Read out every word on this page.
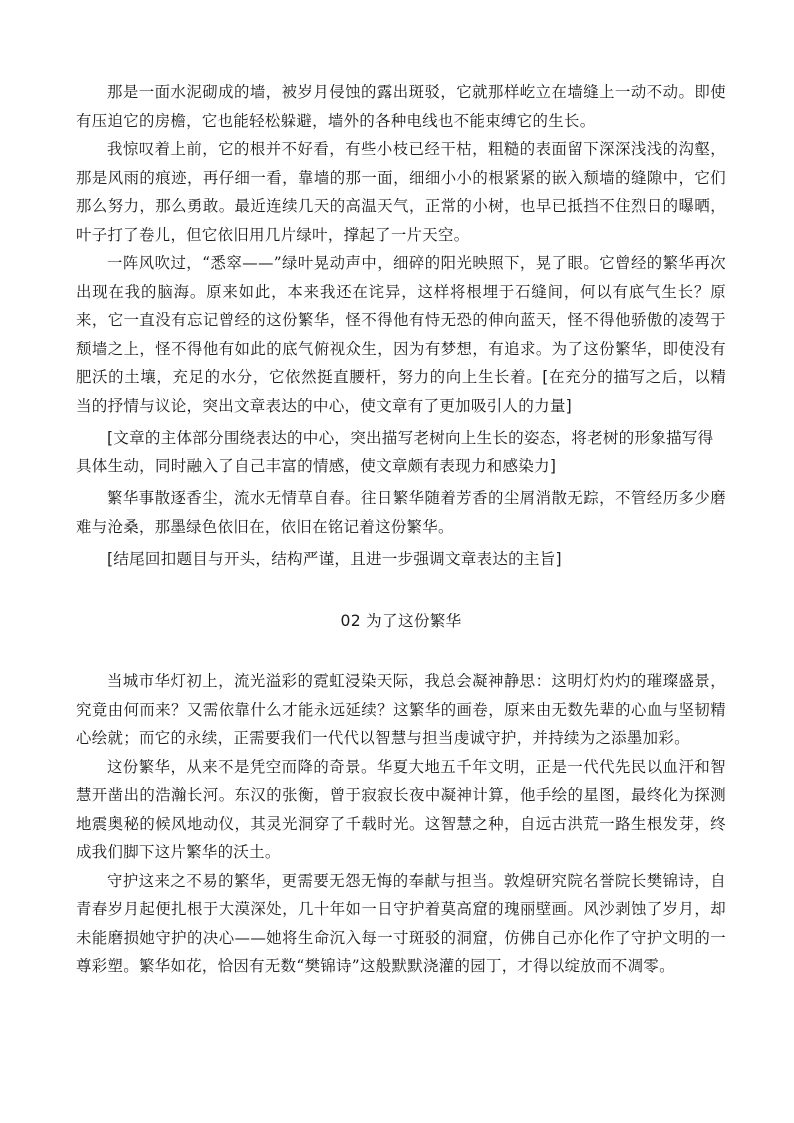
那是一面水泥砌成的墙，被岁月侵蚀的露出斑驳，它就那样屹立在墙缝上一动不动。即使有压迫它的房檐，它也能轻松躲避，墙外的各种电线也不能束缚它的生长。

我惊叹着上前，它的根并不好看，有些小枝已经干枯，粗糙的表面留下深深浅浅的沟壑，那是风雨的痕迹，再仔细一看，靠墙的那一面，细细小小的根紧紧的嵌入颓墙的缝隙中，它们那么努力，那么勇敢。最近连续几天的高温天气，正常的小树，也早已抵挡不住烈日的曝晒，叶子打了卷儿，但它依旧用几片绿叶，撑起了一片天空。

一阵风吹过，“悉窣——”绿叶晃动声中，细碎的阳光映照下，晃了眼。它曾经的繁华再次出现在我的脑海。原来如此，本来我还在诧异，这样将根埋于石缝间，何以有底气生长？原来，它一直没有忘记曾经的这份繁华，怪不得他有恃无恐的伸向蓝天，怪不得他骄傲的凌驾于颓墙之上，怪不得他有如此的底气俯视众生，因为有梦想，有追求。为了这份繁华，即使没有肥沃的土壤，充足的水分，它依然挺直腰杆，努力的向上生长着。[在充分的描写之后，以精当的抒情与议论，突出文章表达的中心，使文章有了更加吸引人的力量]

[文章的主体部分围绕表达的中心，突出描写老树向上生长的姿态，将老树的形象描写得具体生动，同时融入了自己丰富的情感，使文章颇有表现力和感染力]

繁华事散逐香尘，流水无情草自春。往日繁华随着芳香的尘屑消散无踪，不管经历多少磨难与沧桑，那墨绿色依旧在，依旧在铭记着这份繁华。

[结尾回扣题目与开头，结构严谨，且进一步强调文章表达的主旨]

02 为了这份繁华

当城市华灯初上，流光溢彩的霓虹浸染天际，我总会凝神静思：这明灯灼灼的璀璨盛景，究竟由何而来？又需依靠什么才能永远延续？这繁华的画卷，原来由无数先辈的心血与坚韧精心绘就；而它的永续，正需要我们一代代以智慧与担当虔诚守护，并持续为之添墨加彩。

这份繁华，从来不是凭空而降的奇景。华夏大地五千年文明，正是一代代先民以血汗和智慧开凿出的浩瀚长河。东汉的张衡，曾于寂寂长夜中凝神计算，他手绘的星图，最终化为探测地震奥秘的候风地动仪，其灵光洞穿了千载时光。这智慧之种，自远古洪荒一路生根发芽，终成我们脚下这片繁华的沃土。

守护这来之不易的繁华，更需要无怨无悔的奉献与担当。敦煌研究院名誉院长樊锦诗，自青春岁月起便扎根于大漠深处，几十年如一日守护着莫高窟的瑰丽壁画。风沙剥蚀了岁月，却未能磨损她守护的决心——她将生命沉入每一寸斑驳的洞窟，仿佛自己亦化作了守护文明的一尊彩塑。繁华如花，恰因有无数“樊锦诗”这般默默浇灌的园丁，才得以绽放而不凋零。
